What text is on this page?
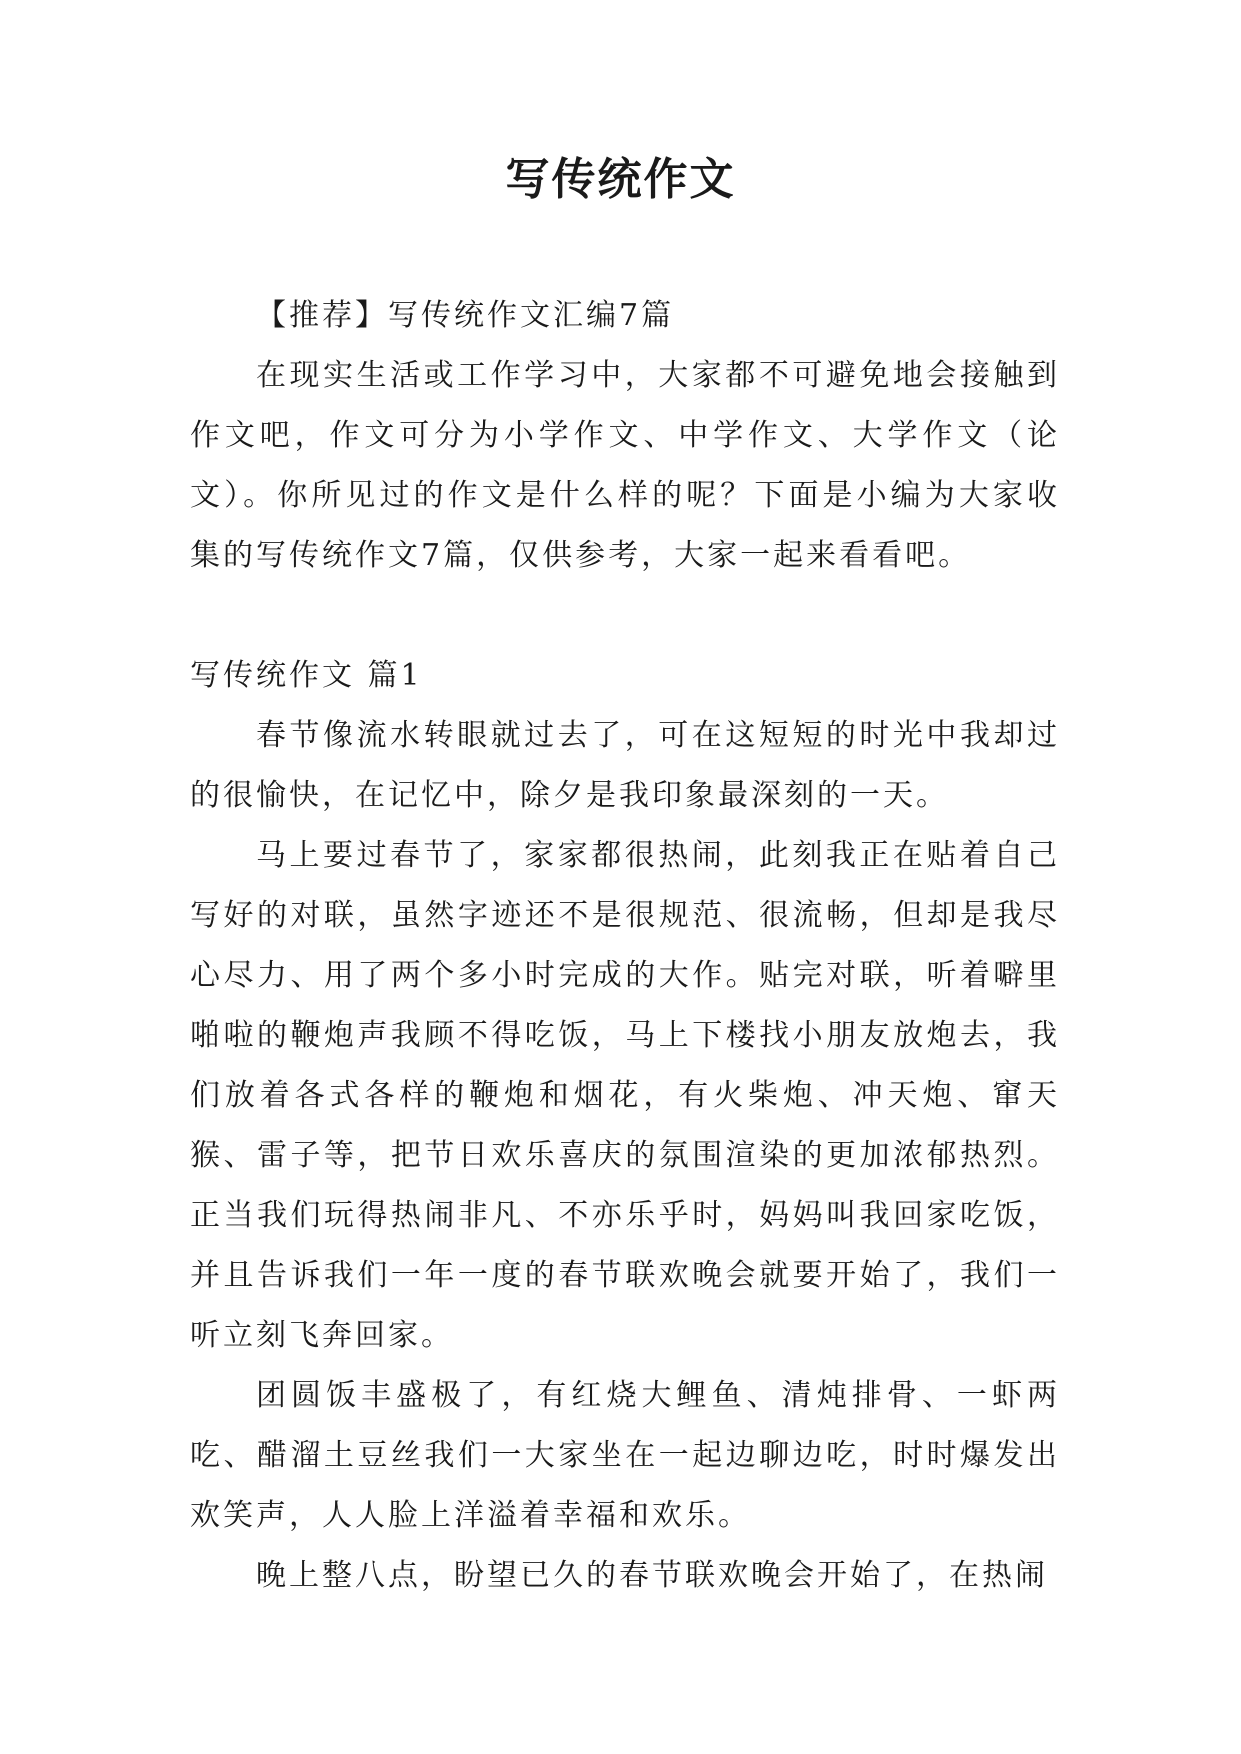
写传统作文

【推荐】写传统作文汇编7篇

在现实生活或工作学习中，大家都不可避免地会接触到作文吧，作文可分为小学作文、中学作文、大学作文（论文）。你所见过的作文是什么样的呢？下面是小编为大家收集的写传统作文7篇，仅供参考，大家一起来看看吧。

写传统作文 篇1

春节像流水转眼就过去了，可在这短短的时光中我却过的很愉快，在记忆中，除夕是我印象最深刻的一天。

马上要过春节了，家家都很热闹，此刻我正在贴着自己写好的对联，虽然字迹还不是很规范、很流畅，但却是我尽心尽力、用了两个多小时完成的大作。贴完对联，听着噼里啪啦的鞭炮声我顾不得吃饭，马上下楼找小朋友放炮去，我们放着各式各样的鞭炮和烟花，有火柴炮、冲天炮、窜天猴、雷子等，把节日欢乐喜庆的氛围渲染的更加浓郁热烈。正当我们玩得热闹非凡、不亦乐乎时，妈妈叫我回家吃饭，并且告诉我们一年一度的春节联欢晚会就要开始了，我们一听立刻飞奔回家。

团圆饭丰盛极了，有红烧大鲤鱼、清炖排骨、一虾两吃、醋溜土豆丝我们一大家坐在一起边聊边吃，时时爆发出欢笑声，人人脸上洋溢着幸福和欢乐。

晚上整八点，盼望已久的春节联欢晚会开始了，在热闹
